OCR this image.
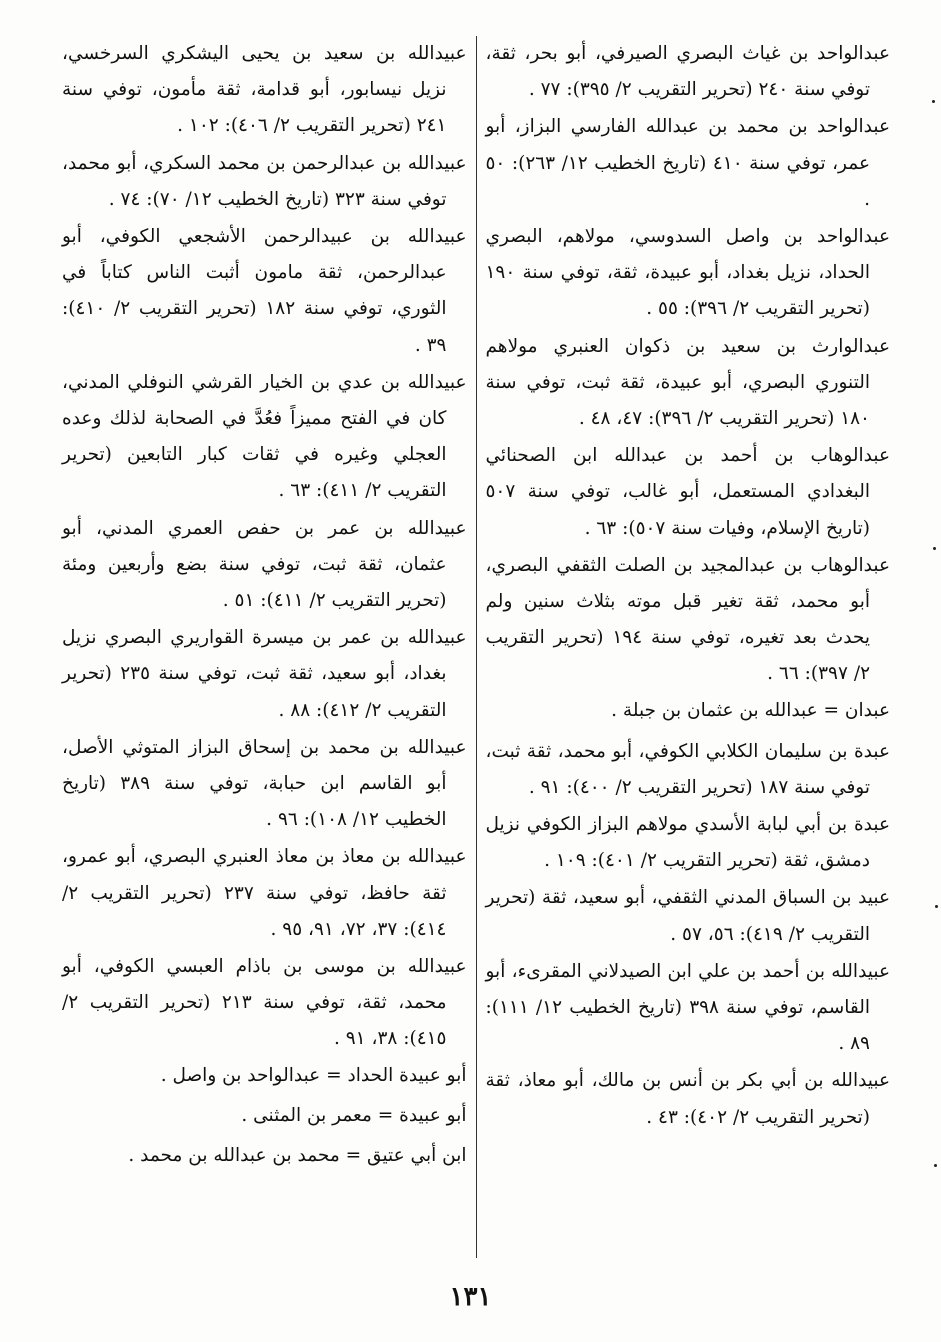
عبدالواحد بن غياث البصري الصيرفي، أبو بحر، ثقة، توفي سنة ٢٤٠ (تحرير التقريب ٢/ ٣٩٥): ٧٧ .

عبدالواحد بن محمد بن عبدالله الفارسي البزاز، أبو عمر، توفي سنة ٤١٠ (تاريخ الخطيب ١٢/ ٢٦٣): ٥٠ .

عبدالواحد بن واصل السدوسي، مولاهم، البصري الحداد، نزيل بغداد، أبو عبيدة، ثقة، توفي سنة ١٩٠ (تحرير التقريب ٢/ ٣٩٦): ٥٥ .

عبدالوارث بن سعيد بن ذكوان العنبري مولاهم التنوري البصري، أبو عبيدة، ثقة ثبت، توفي سنة ١٨٠ (تحرير التقريب ٢/ ٣٩٦): ٤٧، ٤٨ .

عبدالوهاب بن أحمد بن عبدالله ابن الصحنائي البغدادي المستعمل، أبو غالب، توفي سنة ٥٠٧ (تاريخ الإسلام، وفيات سنة ٥٠٧): ٦٣ .

عبدالوهاب بن عبدالمجيد بن الصلت الثقفي البصري، أبو محمد، ثقة تغير قبل موته بثلاث سنين ولم يحدث بعد تغيره، توفي سنة ١٩٤ (تحرير التقريب ٢/ ٣٩٧): ٦٦ .

عبدان = عبدالله بن عثمان بن جبلة .

عبدة بن سليمان الكلابي الكوفي، أبو محمد، ثقة ثبت، توفي سنة ١٨٧ (تحرير التقريب ٢/ ٤٠٠): ٩١ .

عبدة بن أبي لبابة الأسدي مولاهم البزاز الكوفي نزيل دمشق، ثقة (تحرير التقريب ٢/ ٤٠١): ١٠٩ .

عبيد بن السباق المدني الثقفي، أبو سعيد، ثقة (تحرير التقريب ٢/ ٤١٩): ٥٦، ٥٧ .

عبيدالله بن أحمد بن علي ابن الصيدلاني المقرىء، أبو القاسم، توفي سنة ٣٩٨ (تاريخ الخطيب ١٢/ ١١١): ٨٩ .

عبيدالله بن أبي بكر بن أنس بن مالك، أبو معاذ، ثقة (تحرير التقريب ٢/ ٤٠٢): ٤٣ .

عبيدالله بن سعيد بن يحيى اليشكري السرخسي، نزيل نيسابور، أبو قدامة، ثقة مأمون، توفي سنة ٢٤١ (تحرير التقريب ٢/ ٤٠٦): ١٠٢ .

عبيدالله بن عبدالرحمن بن محمد السكري، أبو محمد، توفي سنة ٣٢٣ (تاريخ الخطيب ١٢/ ٧٠): ٧٤ .

عبيدالله بن عبيدالرحمن الأشجعي الكوفي، أبو عبدالرحمن، ثقة مامون أثبت الناس كتاباً في الثوري، توفي سنة ١٨٢ (تحرير التقريب ٢/ ٤١٠): ٣٩ .

عبيدالله بن عدي بن الخيار القرشي النوفلي المدني، كان في الفتح مميزاً فعُدَّ في الصحابة لذلك وعده العجلي وغيره في ثقات كبار التابعين (تحرير التقريب ٢/ ٤١١): ٦٣ .

عبيدالله بن عمر بن حفص العمري المدني، أبو عثمان، ثقة ثبت، توفي سنة بضع وأربعين ومئة (تحرير التقريب ٢/ ٤١١): ٥١ .

عبيدالله بن عمر بن ميسرة القواريري البصري نزيل بغداد، أبو سعيد، ثقة ثبت، توفي سنة ٢٣٥ (تحرير التقريب ٢/ ٤١٢): ٨٨ .

عبيدالله بن محمد بن إسحاق البزاز المتوثي الأصل، أبو القاسم ابن حبابة، توفي سنة ٣٨٩ (تاريخ الخطيب ١٢/ ١٠٨): ٩٦ .

عبيدالله بن معاذ بن معاذ العنبري البصري، أبو عمرو، ثقة حافظ، توفي سنة ٢٣٧ (تحرير التقريب ٢/ ٤١٤): ٣٧، ٧٢، ٩١، ٩٥ .

عبيدالله بن موسى بن باذام العبسي الكوفي، أبو محمد، ثقة، توفي سنة ٢١٣ (تحرير التقريب ٢/ ٤١٥): ٣٨، ٩١ .

أبو عبيدة الحداد = عبدالواحد بن واصل .

أبو عبيدة = معمر بن المثنى .

ابن أبي عتيق = محمد بن عبدالله بن محمد .

١٣١
